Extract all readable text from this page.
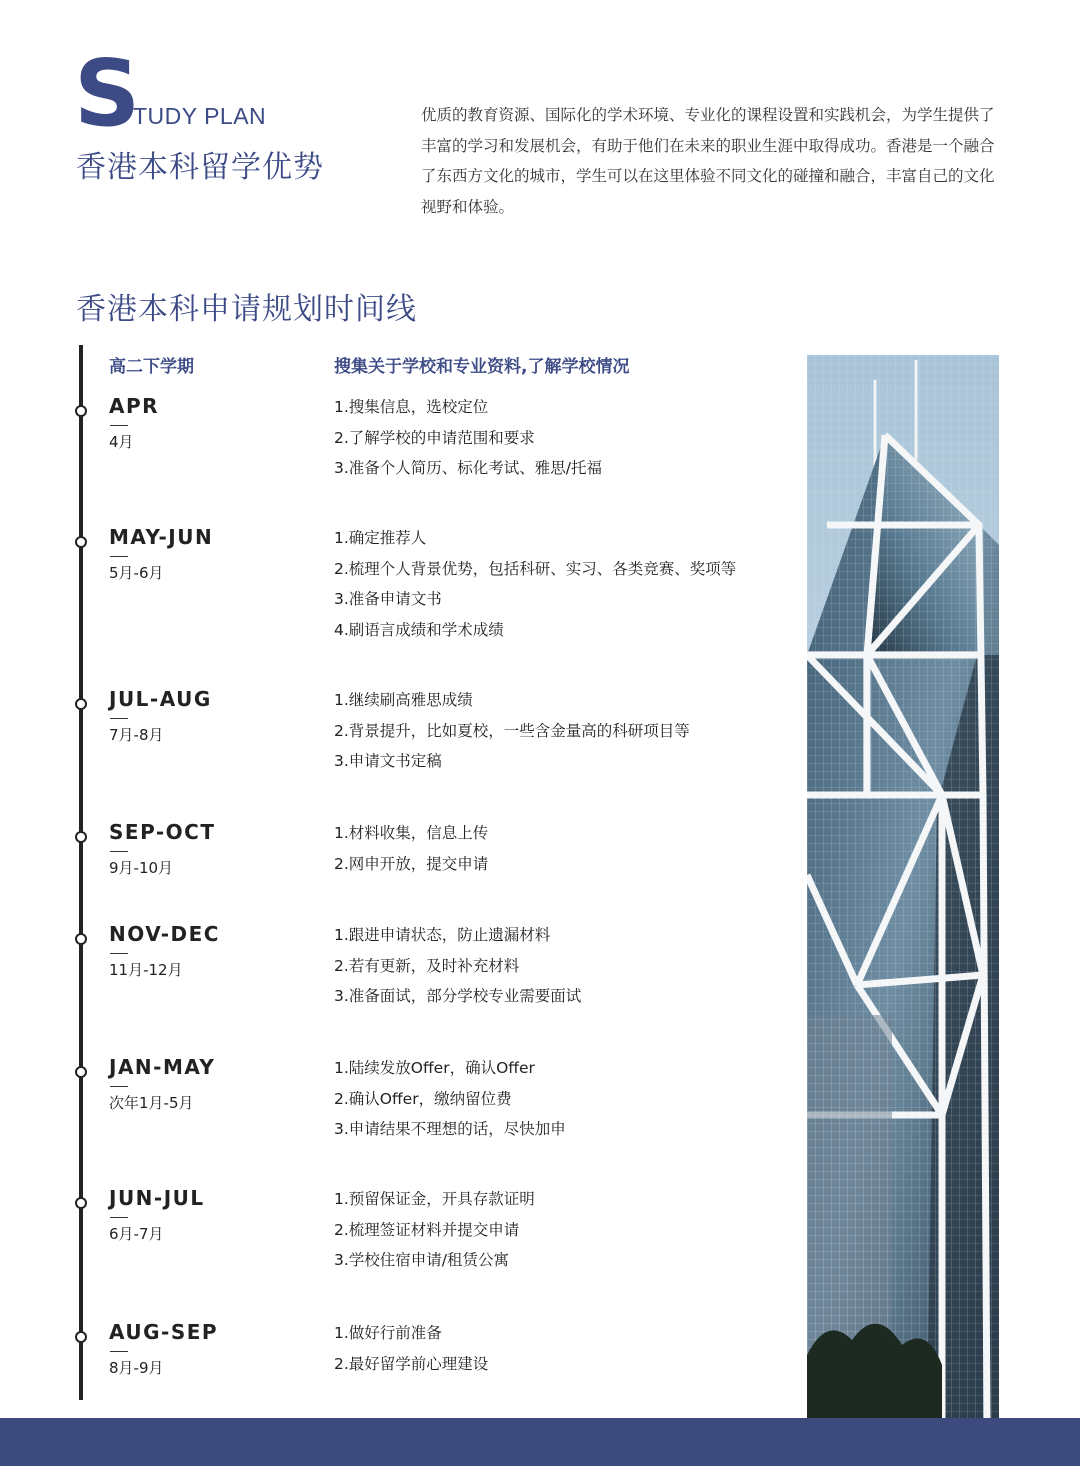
S
TUDY PLAN
香港本科留学优势
优质的教育资源、国际化的学术环境、专业化的课程设置和实践机会，为学生提供了丰富的学习和发展机会，有助于他们在未来的职业生涯中取得成功。香港是一个融合了东西方文化的城市，学生可以在这里体验不同文化的碰撞和融合，丰富自己的文化视野和体验。
香港本科申请规划时间线
高二下学期	搜集关于学校和专业资料,了解学校情况
APR
4月
1.搜集信息，选校定位
2.了解学校的申请范围和要求
3.准备个人简历、标化考试、雅思/托福
MAY-JUN
5月-6月
1.确定推荐人
2.梳理个人背景优势，包括科研、实习、各类竞赛、奖项等
3.准备申请文书
4.刷语言成绩和学术成绩
JUL-AUG
7月-8月
1.继续刷高雅思成绩
2.背景提升，比如夏校，一些含金量高的科研项目等
3.申请文书定稿
SEP-OCT
9月-10月
1.材料收集，信息上传
2.网申开放，提交申请
NOV-DEC
11月-12月
1.跟进申请状态，防止遗漏材料
2.若有更新，及时补充材料
3.准备面试，部分学校专业需要面试
JAN-MAY
次年1月-5月
1.陆续发放Offer，确认Offer
2.确认Offer，缴纳留位费
3.申请结果不理想的话，尽快加申
JUN-JUL
6月-7月
1.预留保证金，开具存款证明
2.梳理签证材料并提交申请
3.学校住宿申请/租赁公寓
AUG-SEP
8月-9月
1.做好行前准备
2.最好留学前心理建设
